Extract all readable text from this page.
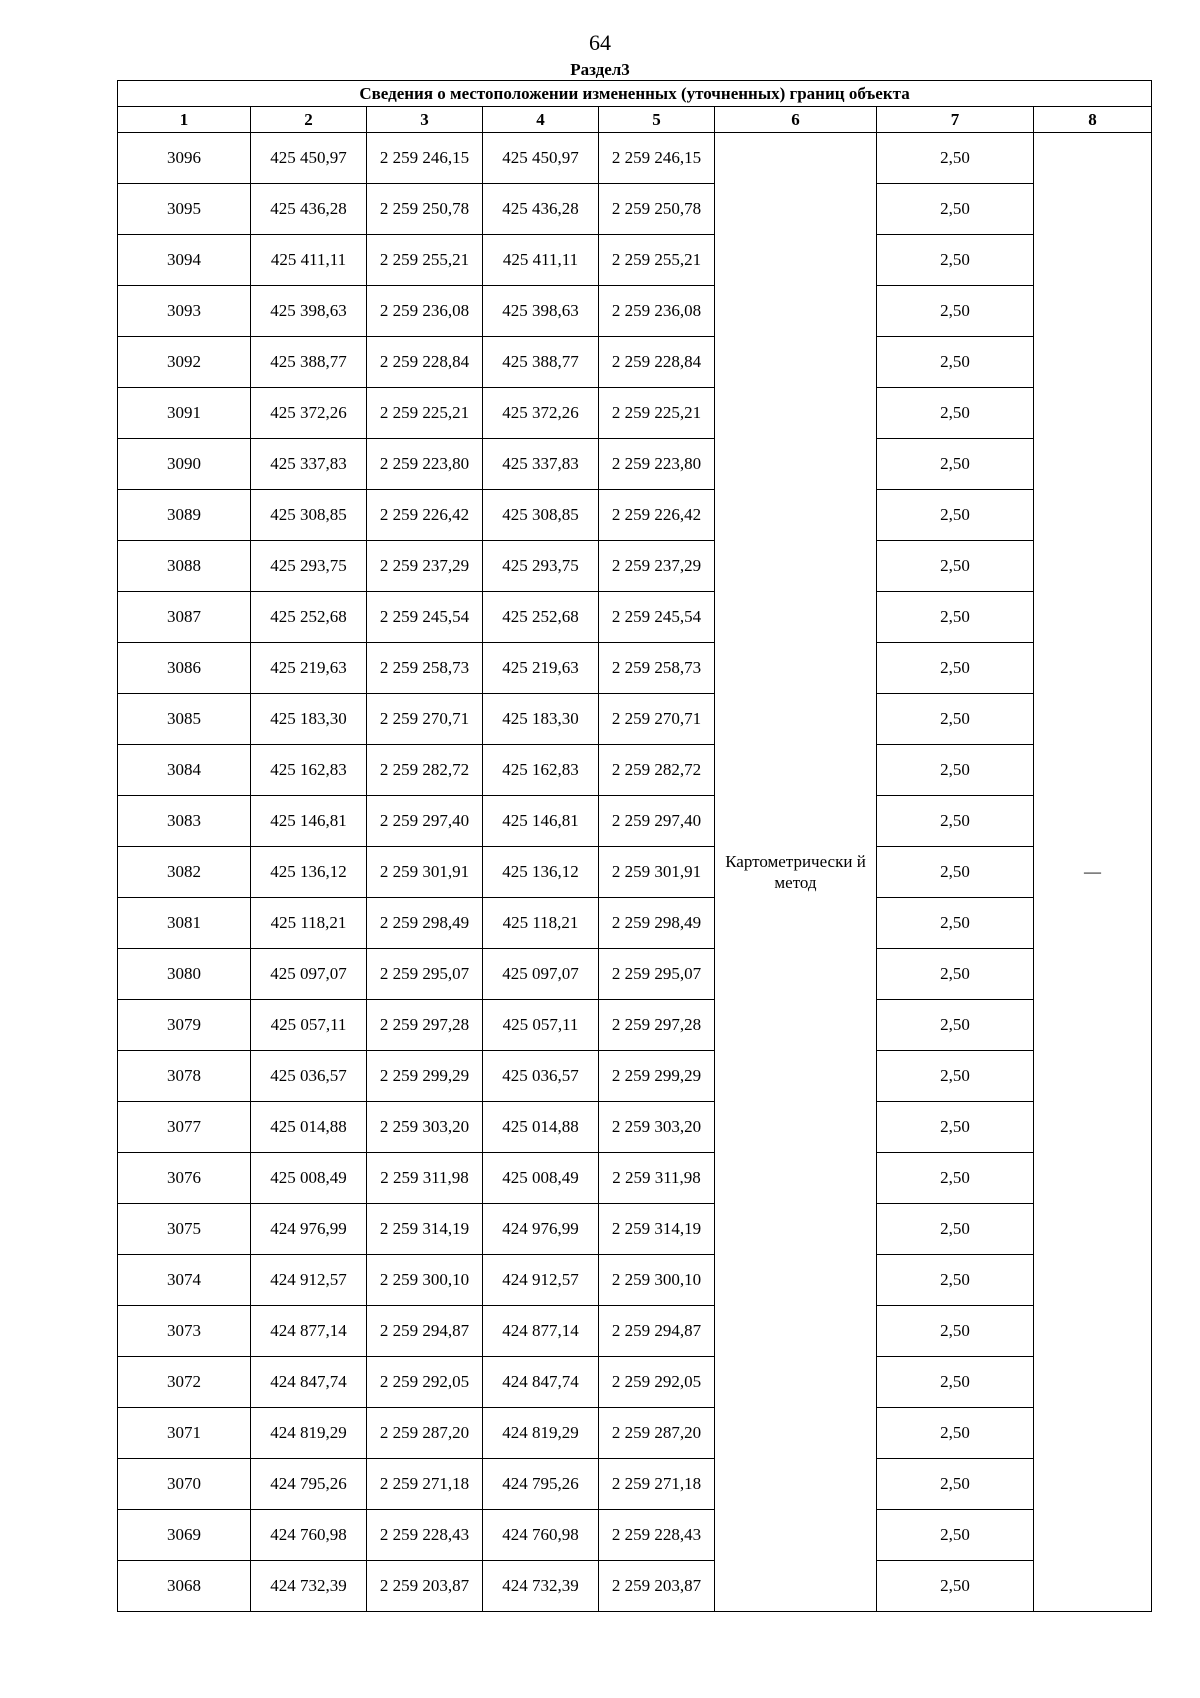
64
Раздел3
Сведения о местоположении измененных (уточненных) границ объекта							
1	2	3	4	5	6	7	8
3096	425 450,97	2 259 246,15	425 450,97	2 259 246,15	Картометрически й метод	2,50	—
3095	425 436,28	2 259 250,78	425 436,28	2 259 250,78		2,50	
3094	425 411,11	2 259 255,21	425 411,11	2 259 255,21		2,50	
3093	425 398,63	2 259 236,08	425 398,63	2 259 236,08		2,50	
3092	425 388,77	2 259 228,84	425 388,77	2 259 228,84		2,50	
3091	425 372,26	2 259 225,21	425 372,26	2 259 225,21		2,50	
3090	425 337,83	2 259 223,80	425 337,83	2 259 223,80		2,50	
3089	425 308,85	2 259 226,42	425 308,85	2 259 226,42		2,50	
3088	425 293,75	2 259 237,29	425 293,75	2 259 237,29		2,50	
3087	425 252,68	2 259 245,54	425 252,68	2 259 245,54		2,50	
3086	425 219,63	2 259 258,73	425 219,63	2 259 258,73		2,50	
3085	425 183,30	2 259 270,71	425 183,30	2 259 270,71		2,50	
3084	425 162,83	2 259 282,72	425 162,83	2 259 282,72		2,50	
3083	425 146,81	2 259 297,40	425 146,81	2 259 297,40		2,50	
3082	425 136,12	2 259 301,91	425 136,12	2 259 301,91		2,50	
3081	425 118,21	2 259 298,49	425 118,21	2 259 298,49		2,50	
3080	425 097,07	2 259 295,07	425 097,07	2 259 295,07		2,50	
3079	425 057,11	2 259 297,28	425 057,11	2 259 297,28		2,50	
3078	425 036,57	2 259 299,29	425 036,57	2 259 299,29		2,50	
3077	425 014,88	2 259 303,20	425 014,88	2 259 303,20		2,50	
3076	425 008,49	2 259 311,98	425 008,49	2 259 311,98		2,50	
3075	424 976,99	2 259 314,19	424 976,99	2 259 314,19		2,50	
3074	424 912,57	2 259 300,10	424 912,57	2 259 300,10		2,50	
3073	424 877,14	2 259 294,87	424 877,14	2 259 294,87		2,50	
3072	424 847,74	2 259 292,05	424 847,74	2 259 292,05		2,50	
3071	424 819,29	2 259 287,20	424 819,29	2 259 287,20		2,50	
3070	424 795,26	2 259 271,18	424 795,26	2 259 271,18		2,50	
3069	424 760,98	2 259 228,43	424 760,98	2 259 228,43		2,50	
3068	424 732,39	2 259 203,87	424 732,39	2 259 203,87		2,50	
